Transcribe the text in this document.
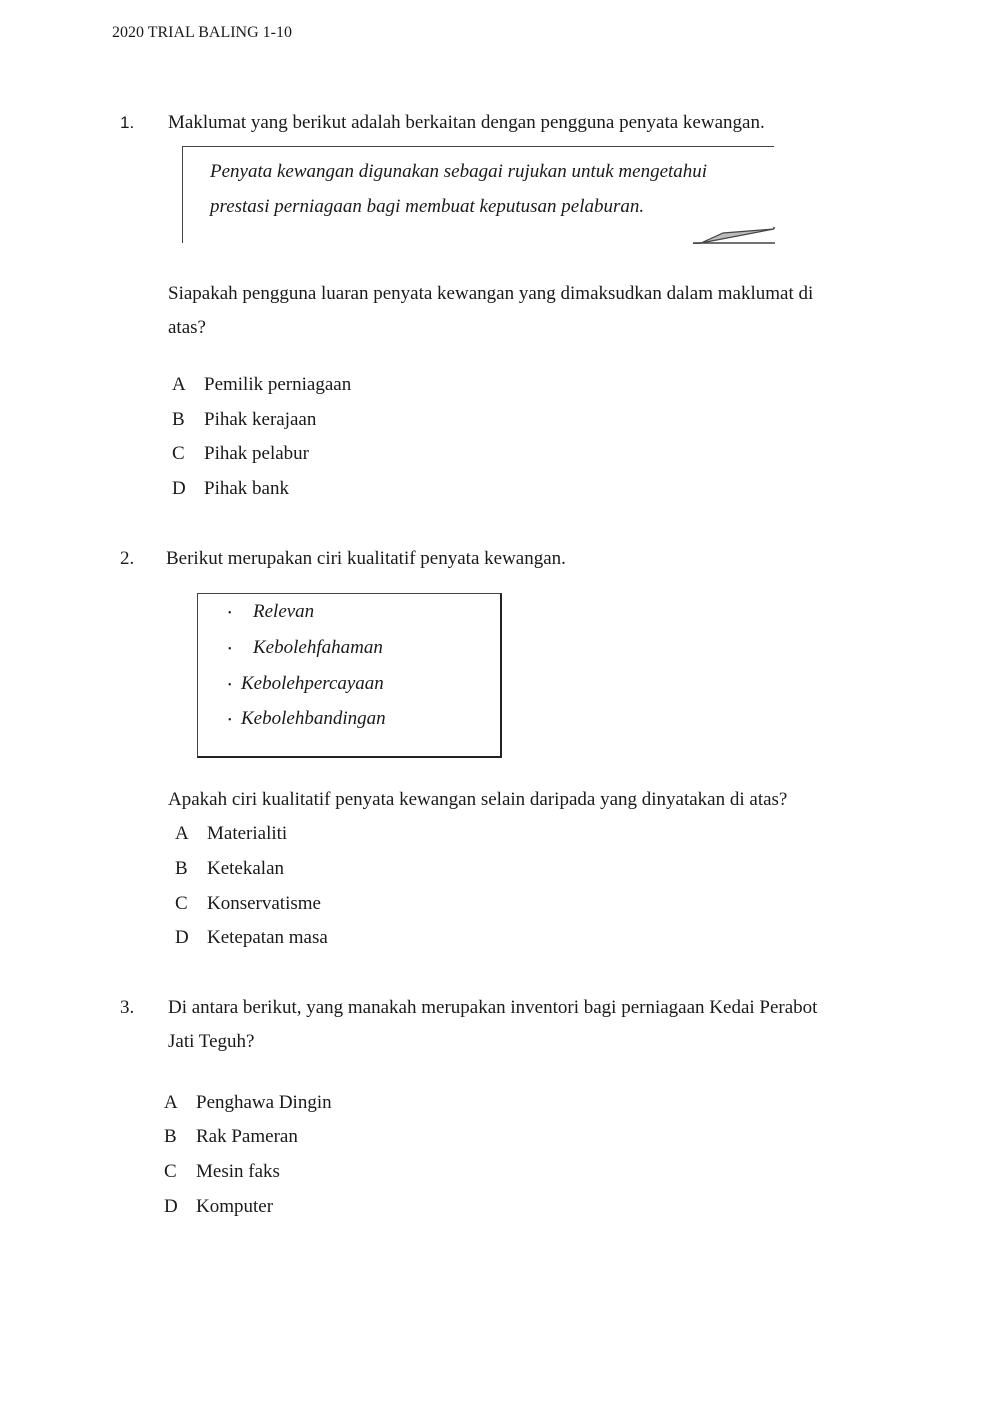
2020 TRIAL BALING 1-10
1. Maklumat yang berikut adalah berkaitan dengan pengguna penyata kewangan.
Penyata kewangan digunakan sebagai rujukan untuk mengetahui
prestasi perniagaan bagi membuat keputusan pelaburan.
Siapakah pengguna luaran penyata kewangan yang dimaksudkan dalam maklumat di
atas?
A Pemilik perniagaan
B Pihak kerajaan
C Pihak pelabur
D Pihak bank
2. Berikut merupakan ciri kualitatif penyata kewangan.
• Relevan
• Kebolehfahaman
• Kebolehpercayaan
• Kebolehbandingan
Apakah ciri kualitatif penyata kewangan selain daripada yang dinyatakan di atas?
A Materialiti
B Ketekalan
C Konservatisme
D Ketepatan masa
3. Di antara berikut, yang manakah merupakan inventori bagi perniagaan Kedai Perabot
Jati Teguh?
A Penghawa Dingin
B Rak Pameran
C Mesin faks
D Komputer
